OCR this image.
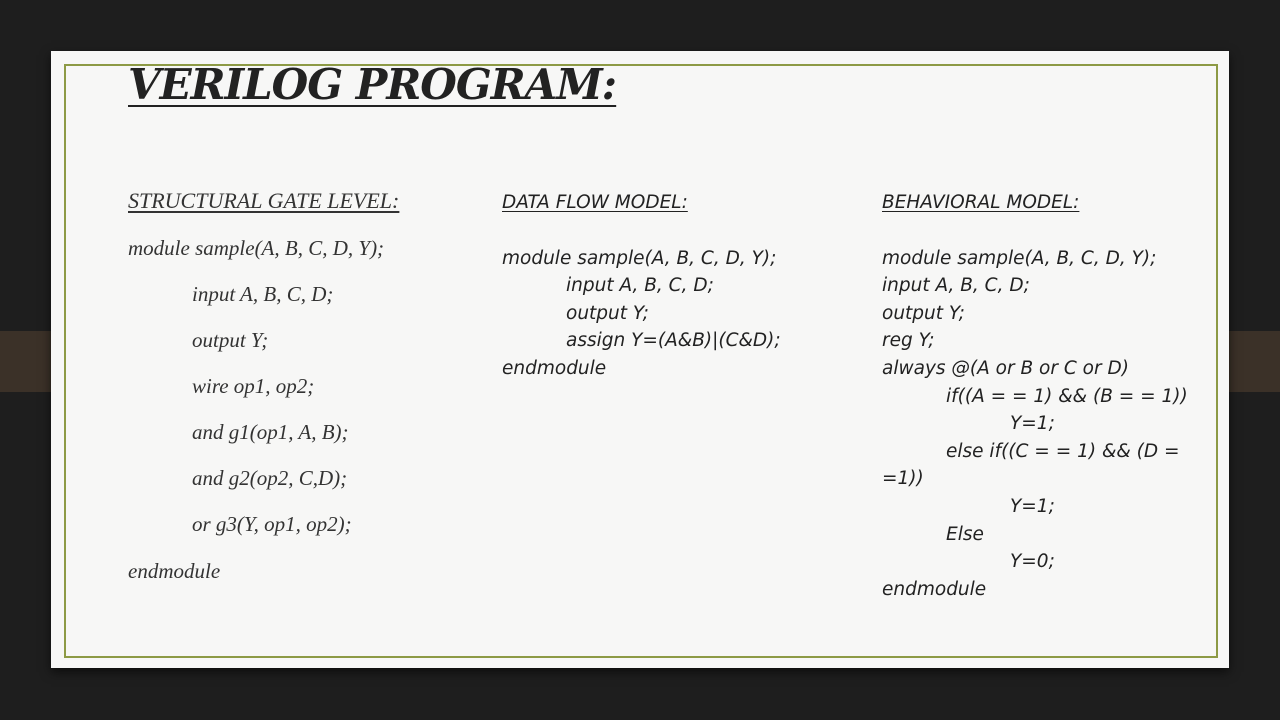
VERILOG PROGRAM:
STRUCTURAL GATE LEVEL:
module sample(A, B, C, D, Y);
input A, B, C, D;
output Y;
wire op1, op2;
and g1(op1, A, B);
and g2(op2, C,D);
or g3(Y, op1, op2);
endmodule
DATA FLOW MODEL:
module sample(A, B, C, D, Y);
input A, B, C, D;
output Y;
assign Y=(A&B)|(C&D);
endmodule
BEHAVIORAL MODEL:
module sample(A, B, C, D, Y);
input A, B, C, D;
output Y;
reg Y;
always @(A or B or C or D)
if((A = = 1) && (B = = 1))
Y=1;
else if((C = = 1) && (D =
=1))
Y=1;
Else
Y=0;
endmodule
